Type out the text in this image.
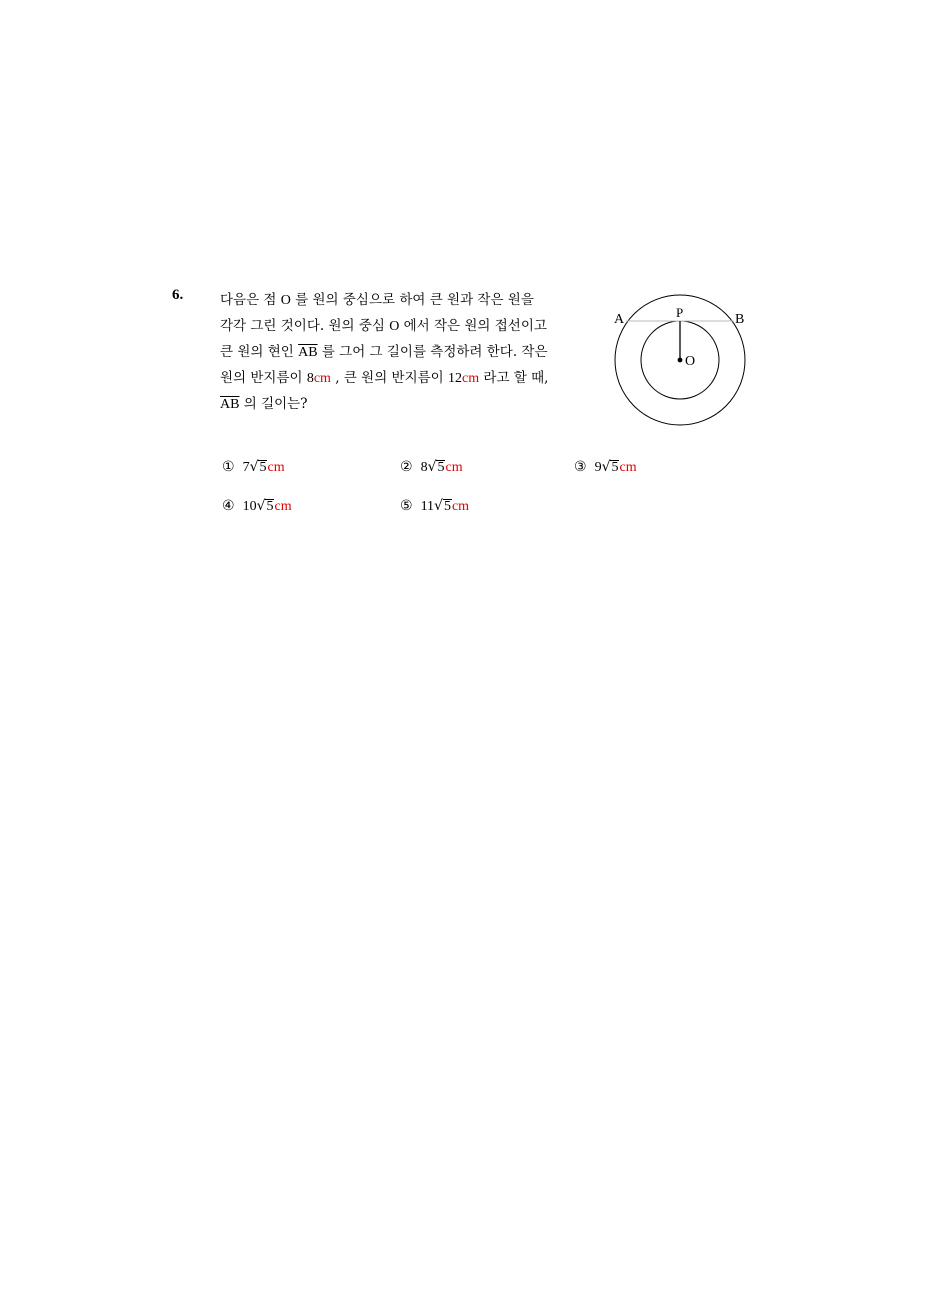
6.	다음은 점 O 를 원의 중심으로 하여 큰 원과 작은 원을
각각 그린 것이다. 원의 중심 O 에서 작은 원의 접선이고
큰 원의 현인 $\overline{AB}$ 를 그어 그 길이를 측정하려 한다. 작은
원의 반지름이 8cm , 큰 원의 반지름이 12cm 라고 할 때,
$\overline{AB}$ 의 길이는?
A	B
P
O
① 7√5cm	② 8√5cm	③ 9√5cm
④ 10√5cm	⑤ 11√5cm
